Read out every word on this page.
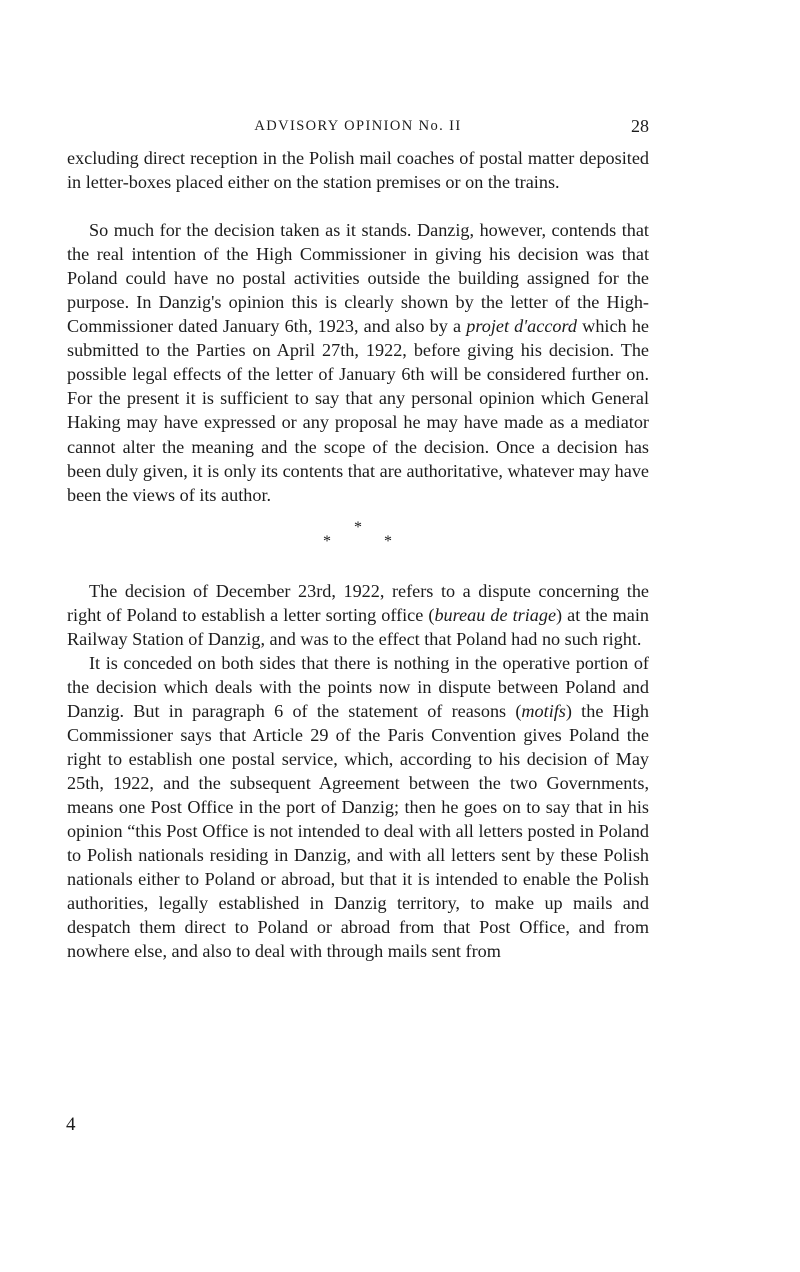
ADVISORY OPINION No. II	28

excluding direct reception in the Polish mail coaches of postal matter deposited in letter-boxes placed either on the station premises or on the trains.

So much for the decision taken as it stands. Danzig, however, contends that the real intention of the High Commissioner in giving his decision was that Poland could have no postal activities outside the building assigned for the purpose. In Danzig's opinion this is clearly shown by the letter of the High-Commissioner dated January 6th, 1923, and also by a projet d'accord which he submitted to the Parties on April 27th, 1922, before giving his decision. The possible legal effects of the letter of January 6th will be considered further on. For the present it is sufficient to say that any personal opinion which General Haking may have expressed or any proposal he may have made as a mediator cannot alter the meaning and the scope of the decision. Once a decision has been duly given, it is only its contents that are authoritative, whatever may have been the views of its author.

*
*	*

The decision of December 23rd, 1922, refers to a dispute concerning the right of Poland to establish a letter sorting office (bureau de triage) at the main Railway Station of Danzig, and was to the effect that Poland had no such right.

It is conceded on both sides that there is nothing in the operative portion of the decision which deals with the points now in dispute between Poland and Danzig. But in paragraph 6 of the statement of reasons (motifs) the High Commissioner says that Article 29 of the Paris Convention gives Poland the right to establish one postal service, which, according to his decision of May 25th, 1922, and the subsequent Agreement between the two Governments, means one Post Office in the port of Danzig; then he goes on to say that in his opinion “this Post Office is not intended to deal with all letters posted in Poland to Polish nationals residing in Danzig, and with all letters sent by these Polish nationals either to Poland or abroad, but that it is intended to enable the Polish authorities, legally established in Danzig territory, to make up mails and despatch them direct to Poland or abroad from that Post Office, and from nowhere else, and also to deal with through mails sent from

4
